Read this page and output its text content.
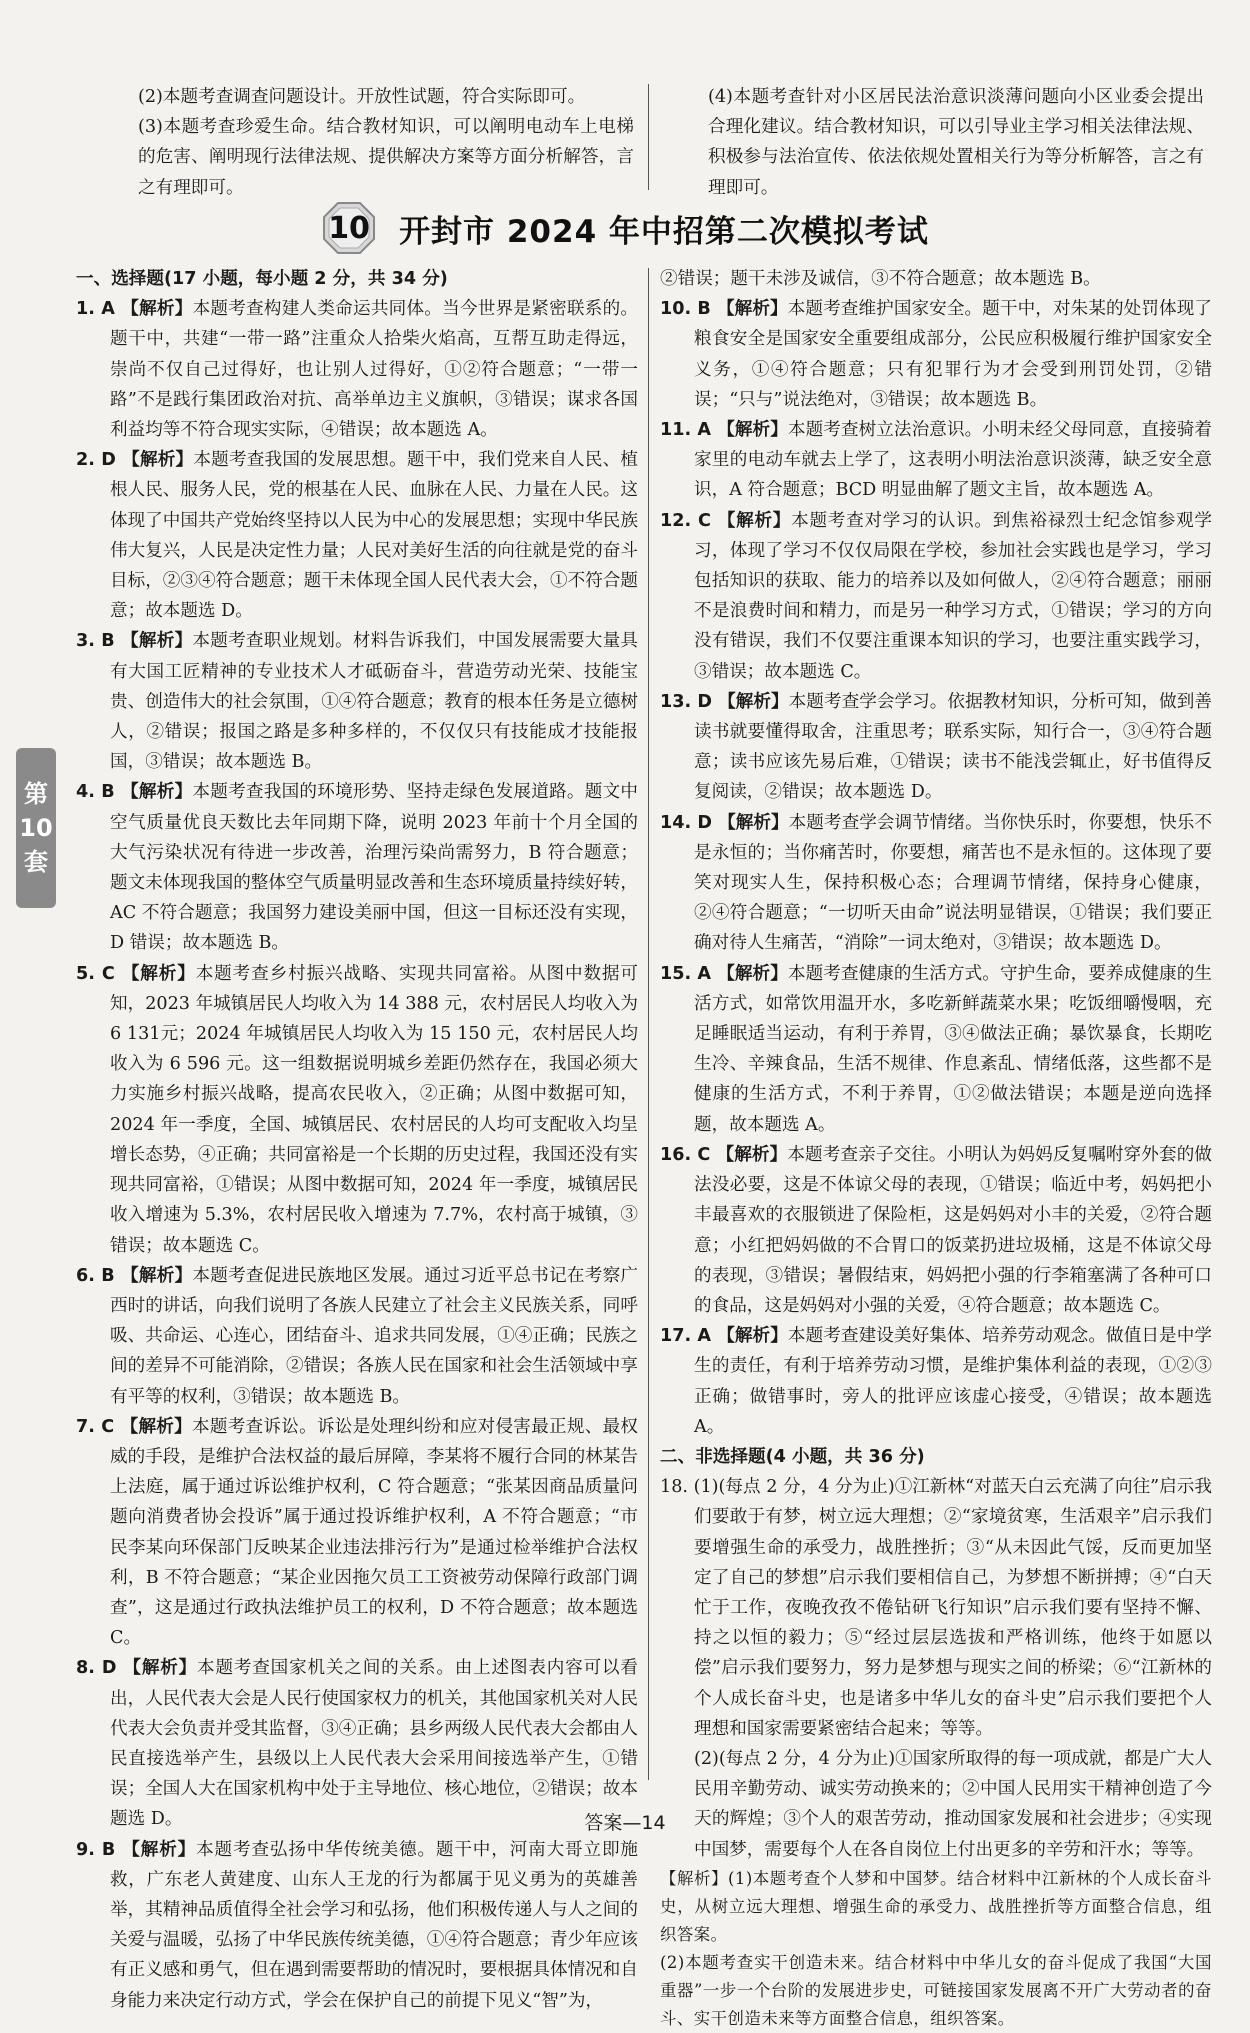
(2)本题考查调查问题设计。开放性试题，符合实际即可。

(3)本题考查珍爱生命。结合教材知识，可以阐明电动车上电梯的危害、阐明现行法律法规、提供解决方案等方面分析解答，言之有理即可。

(4)本题考查针对小区居民法治意识淡薄问题向小区业委会提出合理化建议。结合教材知识，可以引导业主学习相关法律法规、积极参与法治宣传、依法依规处置相关行为等分析解答，言之有理即可。

10 开封市 2024 年中招第二次模拟考试

一、选择题(17 小题，每小题 2 分，共 34 分)

1. A 【解析】本题考查构建人类命运共同体。当今世界是紧密联系的。题干中，共建“一带一路”注重众人拾柴火焰高，互帮互助走得远，崇尚不仅自己过得好，也让别人过得好，①②符合题意；“一带一路”不是践行集团政治对抗、高举单边主义旗帜，③错误；谋求各国利益均等不符合现实实际，④错误；故本题选 A。

2. D 【解析】本题考查我国的发展思想。题干中，我们党来自人民、植根人民、服务人民，党的根基在人民、血脉在人民、力量在人民。这体现了中国共产党始终坚持以人民为中心的发展思想；实现中华民族伟大复兴，人民是决定性力量；人民对美好生活的向往就是党的奋斗目标，②③④符合题意；题干未体现全国人民代表大会，①不符合题意；故本题选 D。

3. B 【解析】本题考查职业规划。材料告诉我们，中国发展需要大量具有大国工匠精神的专业技术人才砥砺奋斗，营造劳动光荣、技能宝贵、创造伟大的社会氛围，①④符合题意；教育的根本任务是立德树人，②错误；报国之路是多种多样的，不仅仅只有技能成才技能报国，③错误；故本题选 B。

4. B 【解析】本题考查我国的环境形势、坚持走绿色发展道路。题文中空气质量优良天数比去年同期下降，说明 2023 年前十个月全国的大气污染状况有待进一步改善，治理污染尚需努力，B 符合题意；题文未体现我国的整体空气质量明显改善和生态环境质量持续好转，AC 不符合题意；我国努力建设美丽中国，但这一目标还没有实现，D 错误；故本题选 B。

5. C 【解析】本题考查乡村振兴战略、实现共同富裕。从图中数据可知，2023 年城镇居民人均收入为 14 388 元，农村居民人均收入为 6 131元；2024 年城镇居民人均收入为 15 150 元，农村居民人均收入为 6 596 元。这一组数据说明城乡差距仍然存在，我国必须大力实施乡村振兴战略，提高农民收入，②正确；从图中数据可知，2024 年一季度，全国、城镇居民、农村居民的人均可支配收入均呈增长态势，④正确；共同富裕是一个长期的历史过程，我国还没有实现共同富裕，①错误；从图中数据可知，2024 年一季度，城镇居民收入增速为 5.3%，农村居民收入增速为 7.7%，农村高于城镇，③错误；故本题选 C。

6. B 【解析】本题考查促进民族地区发展。通过习近平总书记在考察广西时的讲话，向我们说明了各族人民建立了社会主义民族关系，同呼吸、共命运、心连心，团结奋斗、追求共同发展，①④正确；民族之间的差异不可能消除，②错误；各族人民在国家和社会生活领域中享有平等的权利，③错误；故本题选 B。

7. C 【解析】本题考查诉讼。诉讼是处理纠纷和应对侵害最正规、最权威的手段，是维护合法权益的最后屏障，李某将不履行合同的林某告上法庭，属于通过诉讼维护权利，C 符合题意；“张某因商品质量问题向消费者协会投诉”属于通过投诉维护权利，A 不符合题意；“市民李某向环保部门反映某企业违法排污行为”是通过检举维护合法权利，B 不符合题意；“某企业因拖欠员工工资被劳动保障行政部门调查”，这是通过行政执法维护员工的权利，D 不符合题意；故本题选 C。

8. D 【解析】本题考查国家机关之间的关系。由上述图表内容可以看出，人民代表大会是人民行使国家权力的机关，其他国家机关对人民代表大会负责并受其监督，③④正确；县乡两级人民代表大会都由人民直接选举产生，县级以上人民代表大会采用间接选举产生，①错误；全国人大在国家机构中处于主导地位、核心地位，②错误；故本题选 D。

9. B 【解析】本题考查弘扬中华传统美德。题干中，河南大哥立即施救，广东老人黄建度、山东人王龙的行为都属于见义勇为的英雄善举，其精神品质值得全社会学习和弘扬，他们积极传递人与人之间的关爱与温暖，弘扬了中华民族传统美德，①④符合题意；青少年应该有正义感和勇气，但在遇到需要帮助的情况时，要根据具体情况和自身能力来决定行动方式，学会在保护自己的前提下见义“智”为，

②错误；题干未涉及诚信，③不符合题意；故本题选 B。

10. B 【解析】本题考查维护国家安全。题干中，对朱某的处罚体现了粮食安全是国家安全重要组成部分，公民应积极履行维护国家安全义务，①④符合题意；只有犯罪行为才会受到刑罚处罚，②错误；“只与”说法绝对，③错误；故本题选 B。

11. A 【解析】本题考查树立法治意识。小明未经父母同意，直接骑着家里的电动车就去上学了，这表明小明法治意识淡薄，缺乏安全意识，A 符合题意；BCD 明显曲解了题文主旨，故本题选 A。

12. C 【解析】本题考查对学习的认识。到焦裕禄烈士纪念馆参观学习，体现了学习不仅仅局限在学校，参加社会实践也是学习，学习包括知识的获取、能力的培养以及如何做人，②④符合题意；丽丽不是浪费时间和精力，而是另一种学习方式，①错误；学习的方向没有错误，我们不仅要注重课本知识的学习，也要注重实践学习，③错误；故本题选 C。

13. D 【解析】本题考查学会学习。依据教材知识，分析可知，做到善读书就要懂得取舍，注重思考；联系实际，知行合一，③④符合题意；读书应该先易后难，①错误；读书不能浅尝辄止，好书值得反复阅读，②错误；故本题选 D。

14. D 【解析】本题考查学会调节情绪。当你快乐时，你要想，快乐不是永恒的；当你痛苦时，你要想，痛苦也不是永恒的。这体现了要笑对现实人生，保持积极心态；合理调节情绪，保持身心健康，②④符合题意；“一切听天由命”说法明显错误，①错误；我们要正确对待人生痛苦，“消除”一词太绝对，③错误；故本题选 D。

15. A 【解析】本题考查健康的生活方式。守护生命，要养成健康的生活方式，如常饮用温开水，多吃新鲜蔬菜水果；吃饭细嚼慢咽，充足睡眠适当运动，有利于养胃，③④做法正确；暴饮暴食，长期吃生冷、辛辣食品，生活不规律、作息紊乱、情绪低落，这些都不是健康的生活方式，不利于养胃，①②做法错误；本题是逆向选择题，故本题选 A。

16. C 【解析】本题考查亲子交往。小明认为妈妈反复嘱咐穿外套的做法没必要，这是不体谅父母的表现，①错误；临近中考，妈妈把小丰最喜欢的衣服锁进了保险柜，这是妈妈对小丰的关爱，②符合题意；小红把妈妈做的不合胃口的饭菜扔进垃圾桶，这是不体谅父母的表现，③错误；暑假结束，妈妈把小强的行李箱塞满了各种可口的食品，这是妈妈对小强的关爱，④符合题意；故本题选 C。

17. A 【解析】本题考查建设美好集体、培养劳动观念。做值日是中学生的责任，有利于培养劳动习惯，是维护集体利益的表现，①②③正确；做错事时，旁人的批评应该虚心接受，④错误；故本题选 A。

二、非选择题(4 小题，共 36 分)

18. (1)(每点 2 分，4 分为止)①江新林“对蓝天白云充满了向往”启示我们要敢于有梦，树立远大理想；②“家境贫寒，生活艰辛”启示我们要增强生命的承受力，战胜挫折；③“从未因此气馁，反而更加坚定了自己的梦想”启示我们要相信自己，为梦想不断拼搏；④“白天忙于工作，夜晚孜孜不倦钻研飞行知识”启示我们要有坚持不懈、持之以恒的毅力；⑤“经过层层选拔和严格训练，他终于如愿以偿”启示我们要努力，努力是梦想与现实之间的桥梁；⑥“江新林的个人成长奋斗史，也是诸多中华儿女的奋斗史”启示我们要把个人理想和国家需要紧密结合起来；等等。

(2)(每点 2 分，4 分为止)①国家所取得的每一项成就，都是广大人民用辛勤劳动、诚实劳动换来的；②中国人民用实干精神创造了今天的辉煌；③个人的艰苦劳动，推动国家发展和社会进步；④实现中国梦，需要每个人在各自岗位上付出更多的辛劳和汗水；等等。

【解析】(1)本题考查个人梦和中国梦。结合材料中江新林的个人成长奋斗史，从树立远大理想、增强生命的承受力、战胜挫折等方面整合信息，组织答案。

(2)本题考查实干创造未来。结合材料中中华儿女的奋斗促成了我国“大国重器”一步一个台阶的发展进步史，可链接国家发展离不开广大劳动者的奋斗、实干创造未来等方面整合信息，组织答案。

第
10
套
答案—14
